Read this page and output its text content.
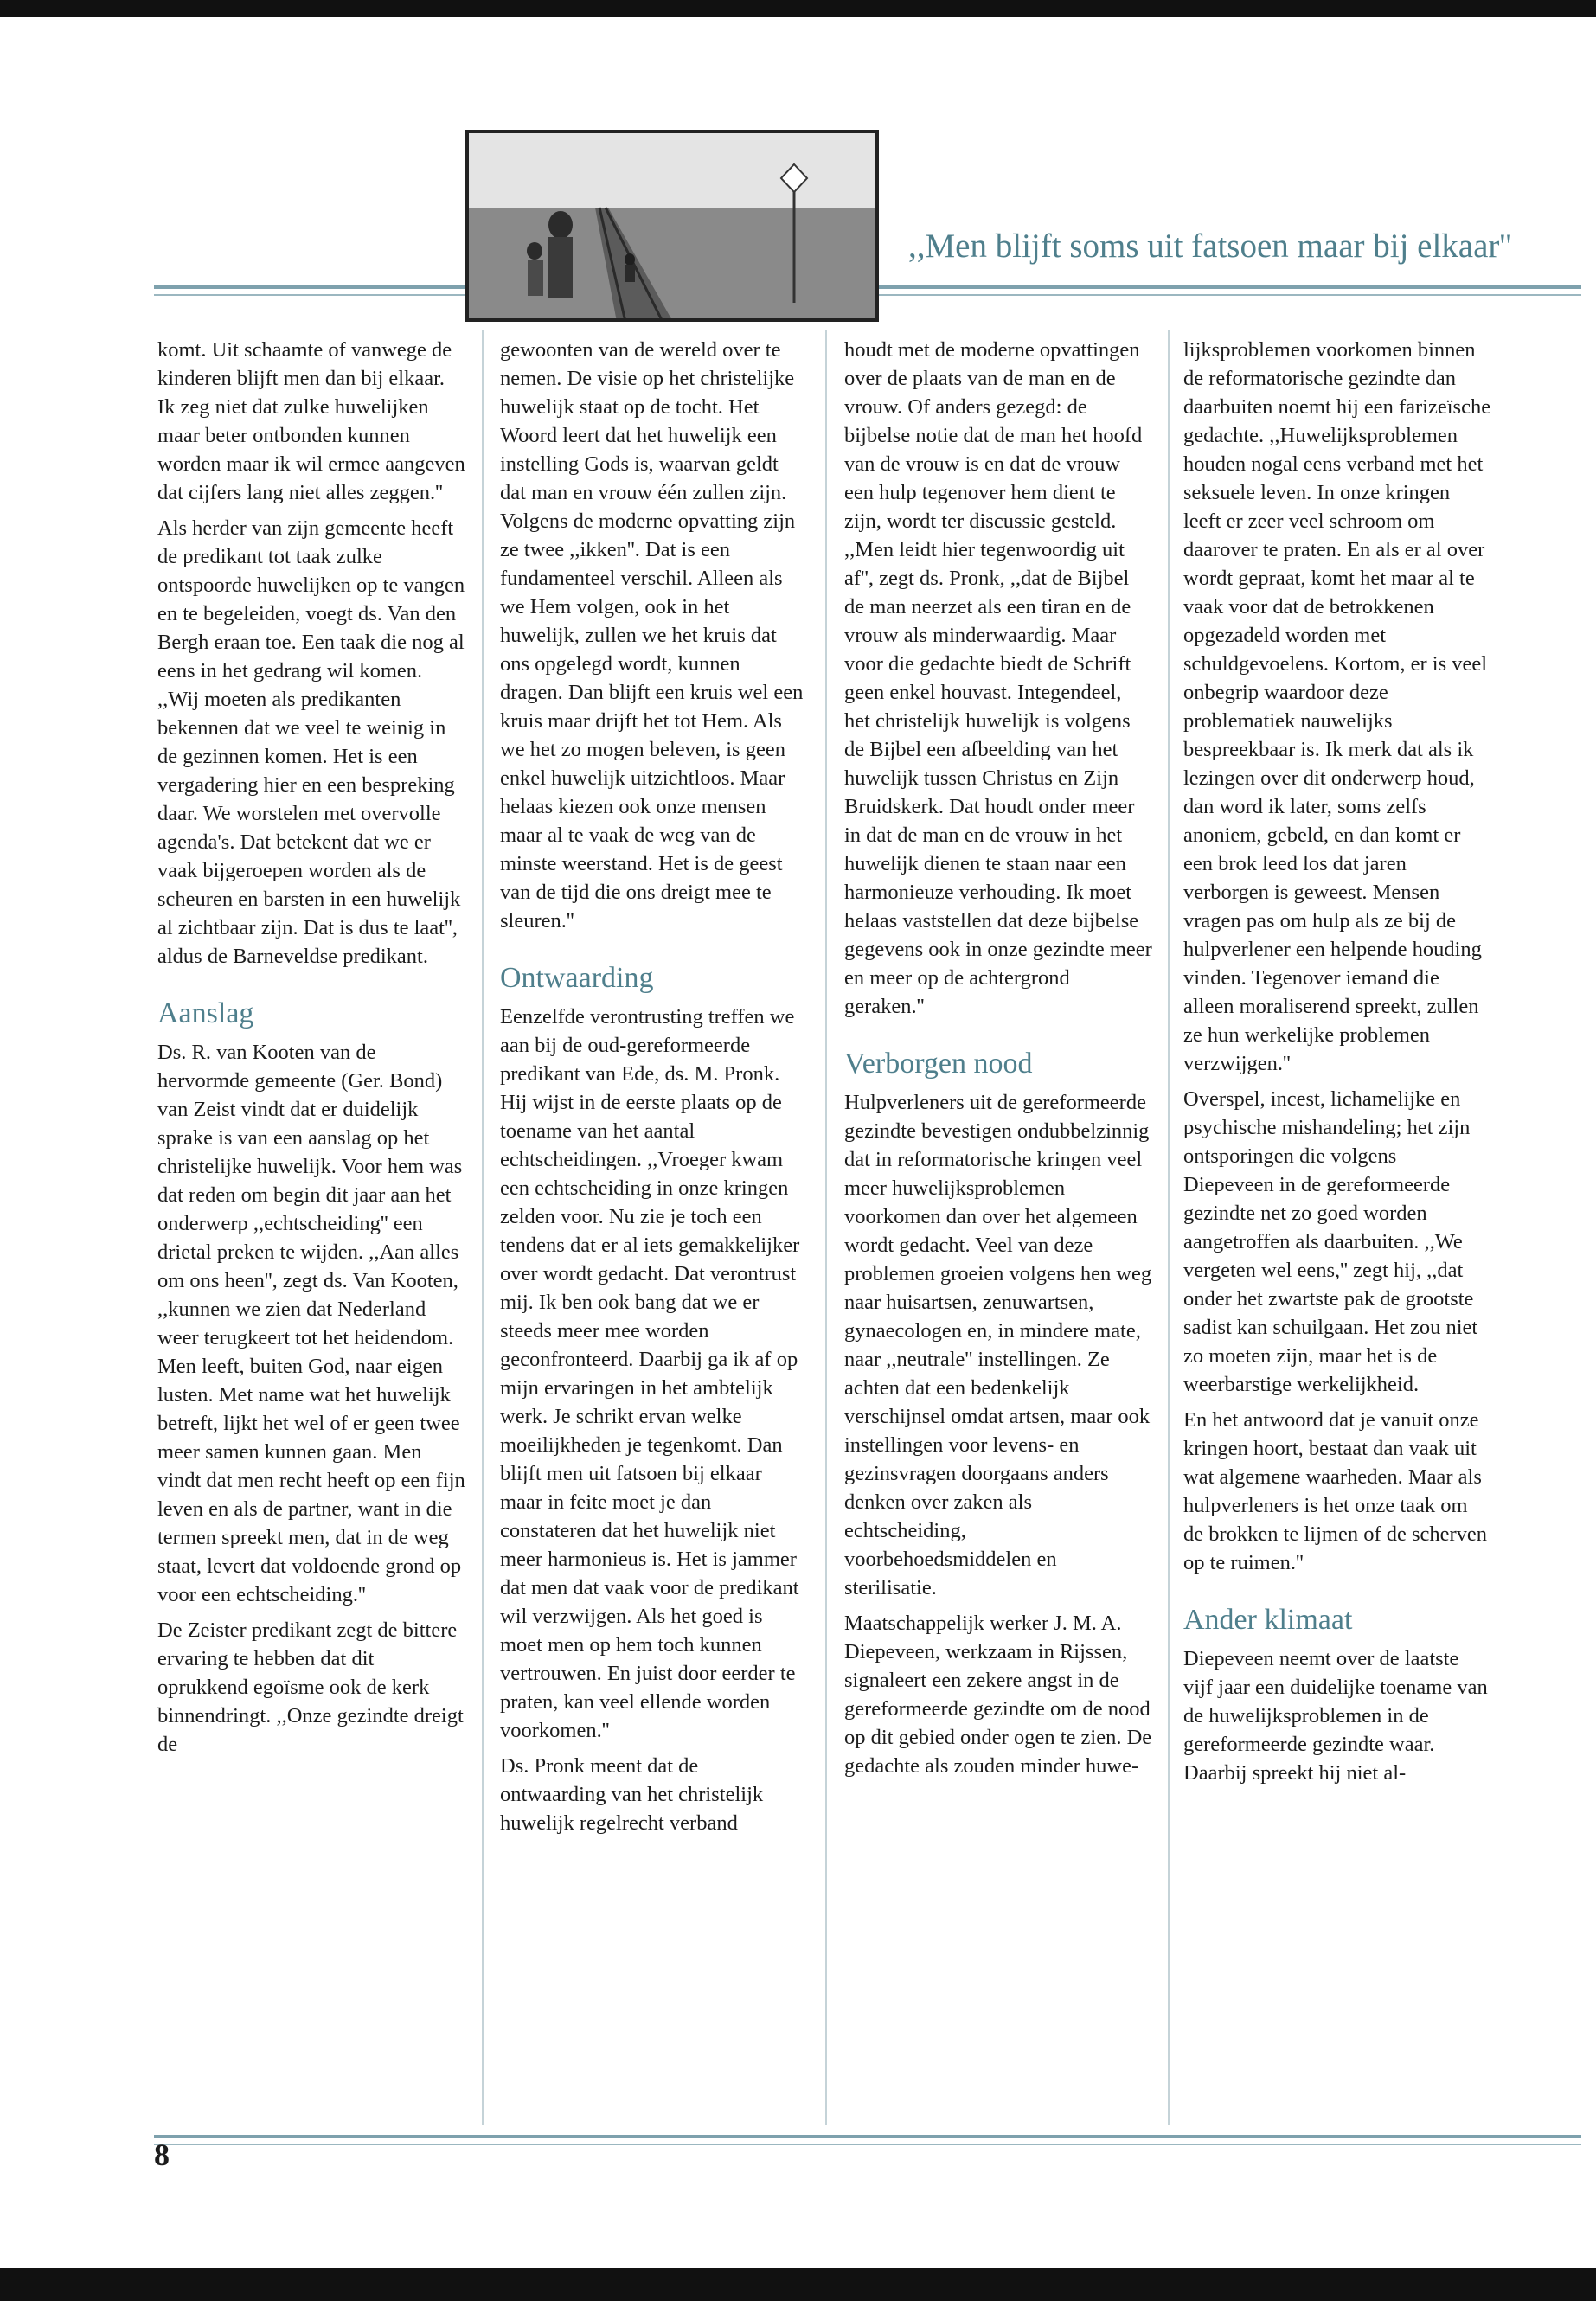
,,Men blijft soms uit fatsoen maar bij elkaar''

komt. Uit schaamte of vanwege de kinderen blijft men dan bij elkaar. Ik zeg niet dat zulke huwelijken maar beter ontbonden kunnen worden maar ik wil ermee aangeven dat cijfers lang niet alles zeggen.''

Als herder van zijn gemeente heeft de predikant tot taak zulke ontspoorde huwelijken op te vangen en te begeleiden, voegt ds. Van den Bergh eraan toe. Een taak die nog al eens in het gedrang wil komen. ,,Wij moeten als predikanten bekennen dat we veel te weinig in de gezinnen komen. Het is een vergadering hier en een bespreking daar. We worstelen met overvolle agenda's. Dat betekent dat we er vaak bijgeroepen worden als de scheuren en barsten in een huwelijk al zichtbaar zijn. Dat is dus te laat'', aldus de Barneveldse predikant.

Aanslag

Ds. R. van Kooten van de hervormde gemeente (Ger. Bond) van Zeist vindt dat er duidelijk sprake is van een aanslag op het christelijke huwelijk. Voor hem was dat reden om begin dit jaar aan het onderwerp ,,echtscheiding'' een drietal preken te wijden. ,,Aan alles om ons heen'', zegt ds. Van Kooten, ,,kunnen we zien dat Nederland weer terugkeert tot het heidendom. Men leeft, buiten God, naar eigen lusten. Met name wat het huwelijk betreft, lijkt het wel of er geen twee meer samen kunnen gaan. Men vindt dat men recht heeft op een fijn leven en als de partner, want in die termen spreekt men, dat in de weg staat, levert dat voldoende grond op voor een echtscheiding.''

De Zeister predikant zegt de bittere ervaring te hebben dat dit oprukkend egoïsme ook de kerk binnendringt. ,,Onze gezindte dreigt de

gewoonten van de wereld over te nemen. De visie op het christelijke huwelijk staat op de tocht. Het Woord leert dat het huwelijk een instelling Gods is, waarvan geldt dat man en vrouw één zullen zijn. Volgens de moderne opvatting zijn ze twee ,,ikken''. Dat is een fundamenteel verschil. Alleen als we Hem volgen, ook in het huwelijk, zullen we het kruis dat ons opgelegd wordt, kunnen dragen. Dan blijft een kruis wel een kruis maar drijft het tot Hem. Als we het zo mogen beleven, is geen enkel huwelijk uitzichtloos. Maar helaas kiezen ook onze mensen maar al te vaak de weg van de minste weerstand. Het is de geest van de tijd die ons dreigt mee te sleuren.''

Ontwaarding

Eenzelfde verontrusting treffen we aan bij de oud-gereformeerde predikant van Ede, ds. M. Pronk. Hij wijst in de eerste plaats op de toename van het aantal echtscheidingen. ,,Vroeger kwam een echtscheiding in onze kringen zelden voor. Nu zie je toch een tendens dat er al iets gemakkelijker over wordt gedacht. Dat verontrust mij. Ik ben ook bang dat we er steeds meer mee worden geconfronteerd. Daarbij ga ik af op mijn ervaringen in het ambtelijk werk. Je schrikt ervan welke moeilijkheden je tegenkomt. Dan blijft men uit fatsoen bij elkaar maar in feite moet je dan constateren dat het huwelijk niet meer harmonieus is. Het is jammer dat men dat vaak voor de predikant wil verzwijgen. Als het goed is moet men op hem toch kunnen vertrouwen. En juist door eerder te praten, kan veel ellende worden voorkomen.''

Ds. Pronk meent dat de ontwaarding van het christelijk huwelijk regelrecht verband

houdt met de moderne opvattingen over de plaats van de man en de vrouw. Of anders gezegd: de bijbelse notie dat de man het hoofd van de vrouw is en dat de vrouw een hulp tegenover hem dient te zijn, wordt ter discussie gesteld. ,,Men leidt hier tegenwoordig uit af'', zegt ds. Pronk, ,,dat de Bijbel de man neerzet als een tiran en de vrouw als minderwaardig. Maar voor die gedachte biedt de Schrift geen enkel houvast. Integendeel, het christelijk huwelijk is volgens de Bijbel een afbeelding van het huwelijk tussen Christus en Zijn Bruidskerk. Dat houdt onder meer in dat de man en de vrouw in het huwelijk dienen te staan naar een harmonieuze verhouding. Ik moet helaas vaststellen dat deze bijbelse gegevens ook in onze gezindte meer en meer op de achtergrond geraken.''

Verborgen nood

Hulpverleners uit de gereformeerde gezindte bevestigen ondubbelzinnig dat in reformatorische kringen veel meer huwelijksproblemen voorkomen dan over het algemeen wordt gedacht. Veel van deze problemen groeien volgens hen weg naar huisartsen, zenuwartsen, gynaecologen en, in mindere mate, naar ,,neutrale'' instellingen. Ze achten dat een bedenkelijk verschijnsel omdat artsen, maar ook instellingen voor levens- en gezinsvragen doorgaans anders denken over zaken als echtscheiding, voorbehoedsmiddelen en sterilisatie.

Maatschappelijk werker J. M. A. Diepeveen, werkzaam in Rijssen, signaleert een zekere angst in de gereformeerde gezindte om de nood op dit gebied onder ogen te zien. De gedachte als zouden minder huwe-

lijksproblemen voorkomen binnen de reformatorische gezindte dan daarbuiten noemt hij een farizeïsche gedachte. ,,Huwelijksproblemen houden nogal eens verband met het seksuele leven. In onze kringen leeft er zeer veel schroom om daarover te praten. En als er al over wordt gepraat, komt het maar al te vaak voor dat de betrokkenen opgezadeld worden met schuldgevoelens. Kortom, er is veel onbegrip waardoor deze problematiek nauwelijks bespreekbaar is. Ik merk dat als ik lezingen over dit onderwerp houd, dan word ik later, soms zelfs anoniem, gebeld, en dan komt er een brok leed los dat jaren verborgen is geweest. Mensen vragen pas om hulp als ze bij de hulpverlener een helpende houding vinden. Tegenover iemand die alleen moraliserend spreekt, zullen ze hun werkelijke problemen verzwijgen.''

Overspel, incest, lichamelijke en psychische mishandeling; het zijn ontsporingen die volgens Diepeveen in de gereformeerde gezindte net zo goed worden aangetroffen als daarbuiten. ,,We vergeten wel eens,'' zegt hij, ,,dat onder het zwartste pak de grootste sadist kan schuilgaan. Het zou niet zo moeten zijn, maar het is de weerbarstige werkelijkheid.

En het antwoord dat je vanuit onze kringen hoort, bestaat dan vaak uit wat algemene waarheden. Maar als hulpverleners is het onze taak om de brokken te lijmen of de scherven op te ruimen.''

Ander klimaat

Diepeveen neemt over de laatste vijf jaar een duidelijke toename van de huwelijksproblemen in de gereformeerde gezindte waar. Daarbij spreekt hij niet al-

8
